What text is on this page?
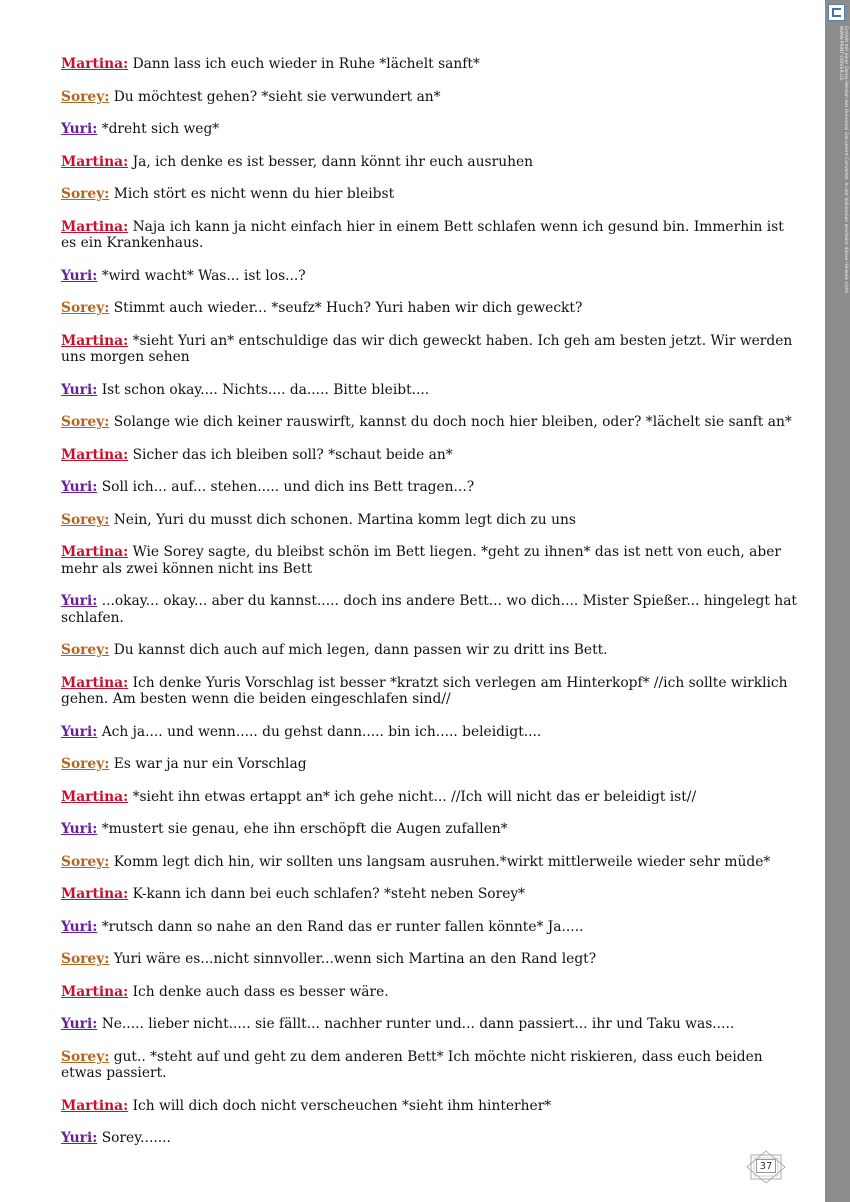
Martina: Dann lass ich euch wieder in Ruhe *lächelt sanft*
Sorey: Du möchtest gehen? *sieht sie verwundert an*
Yuri: *dreht sich weg*
Martina: Ja, ich denke es ist besser, dann könnt ihr euch ausruhen
Sorey: Mich stört es nicht wenn du hier bleibst
Martina: Naja ich kann ja nicht einfach hier in einem Bett schlafen wenn ich gesund bin. Immerhin ist es ein Krankenhaus.
Yuri: *wird wacht* Was... ist los...?
Sorey: Stimmt auch wieder... *seufz* Huch? Yuri haben wir dich geweckt?
Martina: *sieht Yuri an* entschuldige das wir dich geweckt haben. Ich geh am besten jetzt. Wir werden uns morgen sehen
Yuri: Ist schon okay.... Nichts.... da..... Bitte bleibt....
Sorey: Solange wie dich keiner rauswirft, kannst du doch noch hier bleiben, oder? *lächelt sie sanft an*
Martina: Sicher das ich bleiben soll? *schaut beide an*
Yuri: Soll ich... auf... stehen..... und dich ins Bett tragen...?
Sorey: Nein, Yuri du musst dich schonen. Martina komm legt dich zu uns
Martina: Wie Sorey sagte, du bleibst schön im Bett liegen. *geht zu ihnen* das ist nett von euch, aber mehr als zwei können nicht ins Bett
Yuri: ...okay... okay... aber du kannst..... doch ins andere Bett... wo dich.... Mister Spießer... hingelegt hat schlafen.
Sorey: Du kannst dich auch auf mich legen, dann passen wir zu dritt ins Bett.
Martina: Ich denke Yuris Vorschlag ist besser *kratzt sich verlegen am Hinterkopf* //ich sollte wirklich gehen. Am besten wenn die beiden eingeschlafen sind//
Yuri: Ach ja.... und wenn..... du gehst dann..... bin ich..... beleidigt....
Sorey: Es war ja nur ein Vorschlag
Martina: *sieht ihn etwas ertappt an* ich gehe nicht... //Ich will nicht das er beleidigt ist//
Yuri: *mustert sie genau, ehe ihn erschöpft die Augen zufallen*
Sorey: Komm legt dich hin, wir sollten uns langsam ausruhen.*wirkt mittlerweile wieder sehr müde*
Martina: K-kann ich dann bei euch schlafen? *steht neben Sorey*
Yuri: *rutsch dann so nahe an den Rand das er runter fallen könnte* Ja.....
Sorey: Yuri wäre es...nicht sinnvoller...wenn sich Martina an den Rand legt?
Martina: Ich denke auch dass es besser wäre.
Yuri: Ne..... lieber nicht..... sie fällt... nachher runter und... dann passiert... ihr und Taku was.....
Sorey: gut.. *steht auf und geht zu dem anderen Bett* Ich möchte nicht riskieren, dass euch beiden etwas passiert.
Martina: Ich will dich doch nicht verscheuchen *sieht ihm hinterher*
Yuri: Sorey.......
Erstellt mit einer Demo-Version des Universal Document Converter. In der Vollversion erscheint dieser Hinweis nicht.
WWW.PRINT-DRIVER.DE
37
